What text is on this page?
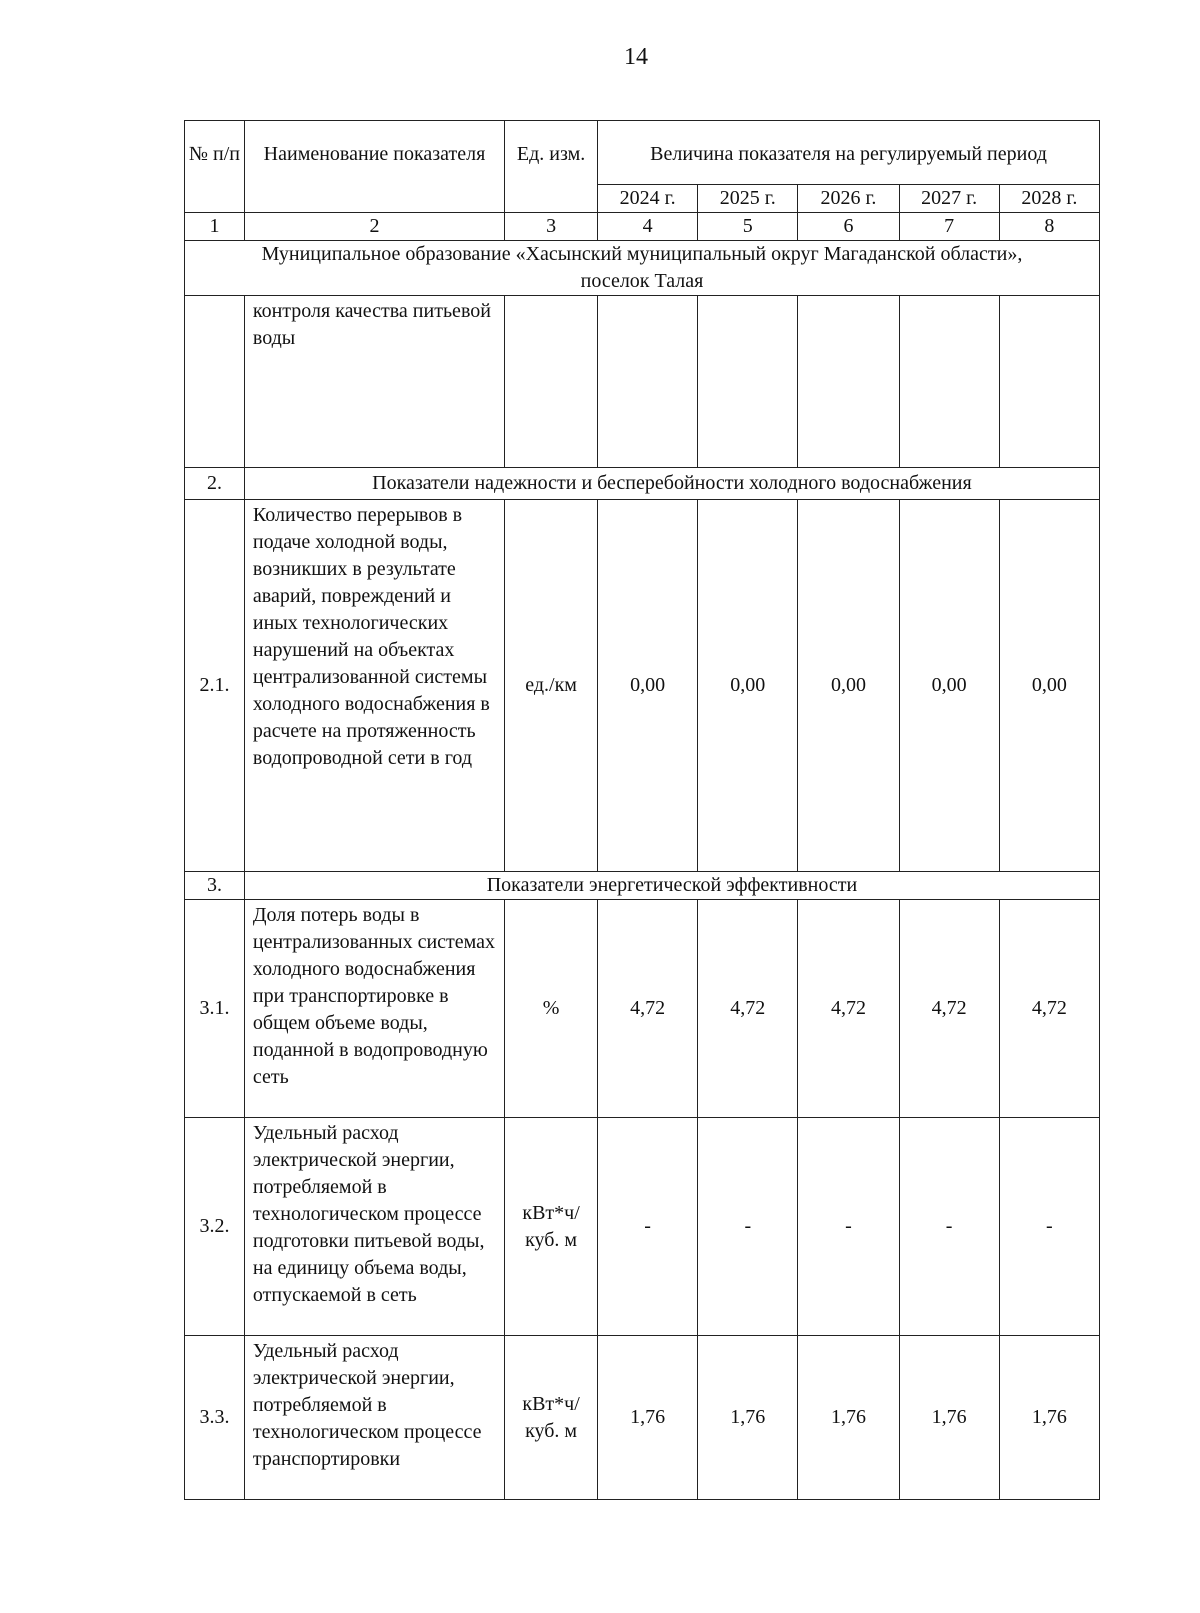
14
№ п/п	Наименование показателя	Ед. изм.	Величина показателя на регулируемый период				
			2024 г.	2025 г.	2026 г.	2027 г.	2028 г.
1	2	3	4	5	6	7	8
Муниципальное образование «Хасынский муниципальный округ Магаданской области», поселок Талая							
	контроля качества питьевой воды						
2.	Показатели надежности и бесперебойности холодного водоснабжения						
2.1.	Количество перерывов в подаче холодной воды, возникших в результате аварий, повреждений и иных технологических нарушений на объектах централизованной системы холодного водоснабжения в расчете на протяженность водопроводной сети в год	ед./км	0,00	0,00	0,00	0,00	0,00
3.	Показатели энергетической эффективности						
3.1.	Доля потерь воды в централизованных системах холодного водоснабжения при транспортировке в общем объеме воды, поданной в водопроводную сеть	%	4,72	4,72	4,72	4,72	4,72
3.2.	Удельный расход электрической энергии, потребляемой в технологическом процессе подготовки питьевой воды, на единицу объема воды, отпускаемой в сеть	кВт*ч/ куб. м	-	-	-	-	-
3.3.	Удельный расход электрической энергии, потребляемой в технологическом процессе транспортировки	кВт*ч/ куб. м	1,76	1,76	1,76	1,76	1,76
